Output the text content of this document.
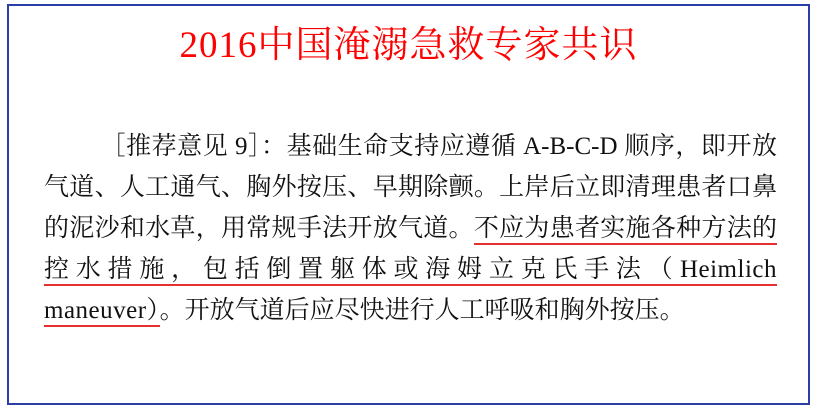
2016中国淹溺急救专家共识

［推荐意见 9］：基础生命支持应遵循 A-B-C-D 顺序，即开放气道、人工通气、胸外按压、早期除颤。上岸后立即清理患者口鼻的泥沙和水草，用常规手法开放气道。不应为患者实施各种方法的控水措施，包括倒置躯体或海姆立克氏手法（Heimlich maneuver）。开放气道后应尽快进行人工呼吸和胸外按压。
